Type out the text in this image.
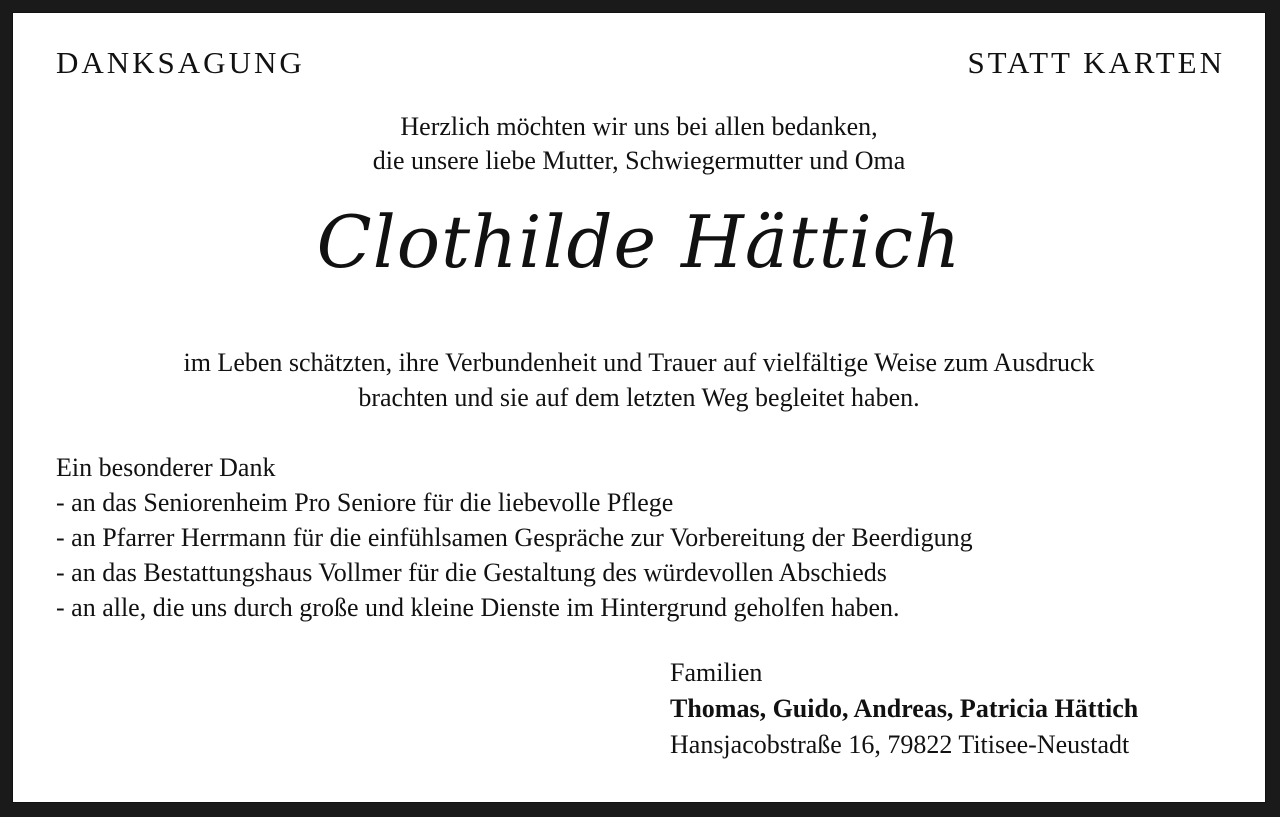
DANKSAGUNG	STATT KARTEN
Herzlich möchten wir uns bei allen bedanken,
die unsere liebe Mutter, Schwiegermutter und Oma
Clothilde Hättich
im Leben schätzten, ihre Verbundenheit und Trauer auf vielfältige Weise zum Ausdruck
brachten und sie auf dem letzten Weg begleitet haben.
Ein besonderer Dank
- an das Seniorenheim Pro Seniore für die liebevolle Pflege
- an Pfarrer Herrmann für die einfühlsamen Gespräche zur Vorbereitung der Beerdigung
- an das Bestattungshaus Vollmer für die Gestaltung des würdevollen Abschieds
- an alle, die uns durch große und kleine Dienste im Hintergrund geholfen haben.
Familien
Thomas, Guido, Andreas, Patricia Hättich
Hansjacobstraße 16, 79822 Titisee-Neustadt
